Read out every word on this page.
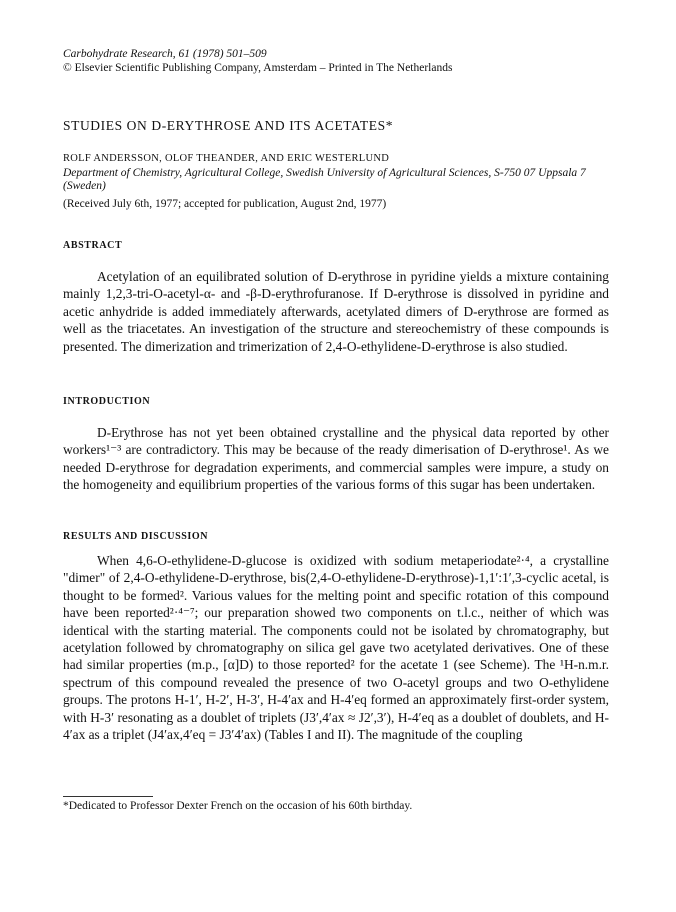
Carbohydrate Research, 61 (1978) 501–509
© Elsevier Scientific Publishing Company, Amsterdam – Printed in The Netherlands
STUDIES ON D-ERYTHROSE AND ITS ACETATES*
ROLF ANDERSSON, OLOF THEANDER, AND ERIC WESTERLUND
Department of Chemistry, Agricultural College, Swedish University of Agricultural Sciences, S-750 07 Uppsala 7 (Sweden)
(Received July 6th, 1977; accepted for publication, August 2nd, 1977)
ABSTRACT

Acetylation of an equilibrated solution of D-erythrose in pyridine yields a mixture containing mainly 1,2,3-tri-O-acetyl-α- and -β-D-erythrofuranose. If D-erythrose is dissolved in pyridine and acetic anhydride is added immediately afterwards, acetylated dimers of D-erythrose are formed as well as the triacetates. An investigation of the structure and stereochemistry of these compounds is presented. The dimerization and trimerization of 2,4-O-ethylidene-D-erythrose is also studied.

INTRODUCTION

D-Erythrose has not yet been obtained crystalline and the physical data reported by other workers¹⁻³ are contradictory. This may be because of the ready dimerisation of D-erythrose¹. As we needed D-erythrose for degradation experiments, and commercial samples were impure, a study on the homogeneity and equilibrium properties of the various forms of this sugar has been undertaken.

RESULTS AND DISCUSSION

When 4,6-O-ethylidene-D-glucose is oxidized with sodium metaperiodate²·⁴, a crystalline "dimer" of 2,4-O-ethylidene-D-erythrose, bis(2,4-O-ethylidene-D-erythrose)-1,1′:1′,3-cyclic acetal, is thought to be formed². Various values for the melting point and specific rotation of this compound have been reported²·⁴⁻⁷; our preparation showed two components on t.l.c., neither of which was identical with the starting material. The components could not be isolated by chromatography, but acetylation followed by chromatography on silica gel gave two acetylated derivatives. One of these had similar properties (m.p., [α]D) to those reported² for the acetate 1 (see Scheme). The ¹H-n.m.r. spectrum of this compound revealed the presence of two O-acetyl groups and two O-ethylidene groups. The protons H-1′, H-2′, H-3′, H-4′ax and H-4′eq formed an approximately first-order system, with H-3′ resonating as a doublet of triplets (J3′,4′ax ≈ J2′,3′), H-4′eq as a doublet of doublets, and H-4′ax as a triplet (J4′ax,4′eq = J3′4′ax) (Tables I and II). The magnitude of the coupling

*Dedicated to Professor Dexter French on the occasion of his 60th birthday.
